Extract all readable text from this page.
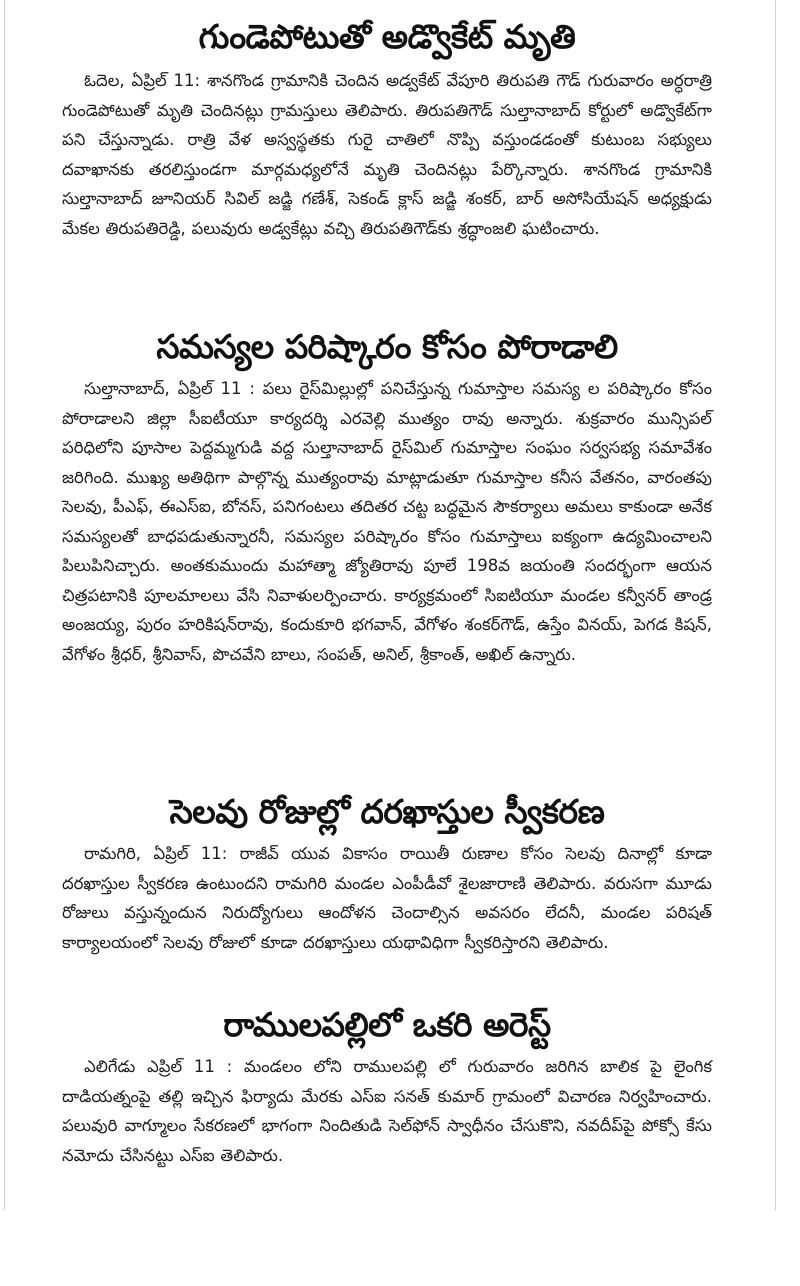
గుండెపోటుతో అడ్వొకేట్ మృతి

ఓదెల, ఏప్రిల్ 11: శానగొండ గ్రామానికి చెందిన అడ్వకేట్ వేపూరి తిరుపతి గౌడ్ గురువారం అర్ధరాత్రి గుండెపోటుతో మృతి చెందినట్లు గ్రామస్తులు తెలిపారు. తిరుపతిగౌడ్ సుల్తానాబాద్ కోర్టులో అడ్వొకేట్‌గా పని చేస్తున్నాడు. రాత్రి వేళ అస్వస్థతకు గురై చాతిలో నొప్పి వస్తుండడంతో కుటుంబ సభ్యులు దవాఖానకు తరలిస్తుండగా మార్గమధ్యలోనే మృతి చెందినట్లు పేర్కొన్నారు. శానగొండ గ్రామానికి సుల్తానాబాద్ జూనియర్ సివిల్ జడ్జి గణేశ్, సెకండ్ క్లాస్ జడ్జి శంకర్, బార్ అసోసియేషన్ అధ్యక్షుడు మేకల తిరుపతిరెడ్డి, పలువురు అడ్వకేట్లు వచ్చి తిరుపతిగౌడ్‌కు శ్రద్ధాంజలి ఘటించారు.

సమస్యల పరిష్కారం కోసం పోరాడాలి

సుల్తానాబాద్, ఏప్రిల్ 11 : పలు రైస్‌మిల్లుల్లో పనిచేస్తున్న గుమాస్తాల సమస్య ల పరిష్కారం కోసం పోరాడాలని జిల్లా సీఐటీయూ కార్యదర్శి ఎరవెల్లి ముత్యం రావు అన్నారు. శుక్రవారం మున్సిపల్ పరిధిలోని పూసాల పెద్దమ్మగుడి వద్ద సుల్తానాబాద్ రైస్‌మిల్ గుమాస్తాల సంఘం సర్వసభ్య సమావేశం జరిగింది. ముఖ్య అతిథిగా పాల్గొన్న ముత్యంరావు మాట్లాడుతూ గుమాస్తాల కనీస వేతనం, వారంతపు సెలవు, పీఎఫ్, ఈఎస్ఐ, బోనస్, పనిగంటలు తదితర చట్ట బద్ధమైన సౌకర్యాలు అమలు కాకుండా అనేక సమస్యలతో బాధపడుతున్నారనీ, సమస్యల పరిష్కారం కోసం గుమాస్తాలు ఐక్యంగా ఉద్యమించాలని పిలుపినిచ్చారు. అంతకుముందు మహాత్మా జ్యోతిరావు పూలే 198వ జయంతి సందర్భంగా ఆయన చిత్రపటానికి పూలమాలలు వేసి నివాళులర్పించారు. కార్యక్రమంలో సిఐటియూ మండల కన్వీనర్ తాండ్ర అంజయ్య, పురం హరికిషన్‌రావు, కందుకూరి భగవాన్, వేగోళం శంకర్‌గౌడ్, ఉస్తేం వినయ్, పెగడ కిషన్, వేగోళం శ్రీధర్, శ్రీనివాస్, పొచవేని బాలు, సంపత్, అనిల్, శ్రీకాంత్, అఖిల్ ఉన్నారు.

సెలవు రోజుల్లో దరఖాస్తుల స్వీకరణ

రామగిరి, ఏప్రిల్ 11: రాజీవ్ యువ వికాసం రాయితీ రుణాల కోసం సెలవు దినాల్లో కూడా దరఖాస్తుల స్వీకరణ ఉంటుందని రామగిరి మండల ఎంపీడీవో శైలజారాణి తెలిపారు. వరుసగా మూడు రోజులు వస్తున్నందున నిరుద్యోగులు ఆందోళన చెందాల్సిన అవసరం లేదనీ, మండల పరిషత్ కార్యాలయంలో సెలవు రోజులో కూడా దరఖాస్తులు యథావిధిగా స్వీకరిస్తారని తెలిపారు.

రాములపల్లిలో ఒకరి అరెస్ట్

ఎలిగేడు ఎప్రిల్ 11 : మండలం లోని రాములపల్లి లో గురువారం జరిగిన బాలిక పై లైంగిక దాడియత్నంపై తల్లి ఇచ్చిన ఫిర్యాదు మేరకు ఎస్ఐ సనత్ కుమార్ గ్రామంలో విచారణ నిర్వహించారు. పలువురి వాగ్మూలం సేకరణలో భాగంగా నిందితుడి సెల్‌ఫోన్ స్వాధీనం చేసుకొని, నవదీప్‌పై పోక్సో కేసు నమోదు చేసినట్టు ఎస్ఐ తెలిపారు.
